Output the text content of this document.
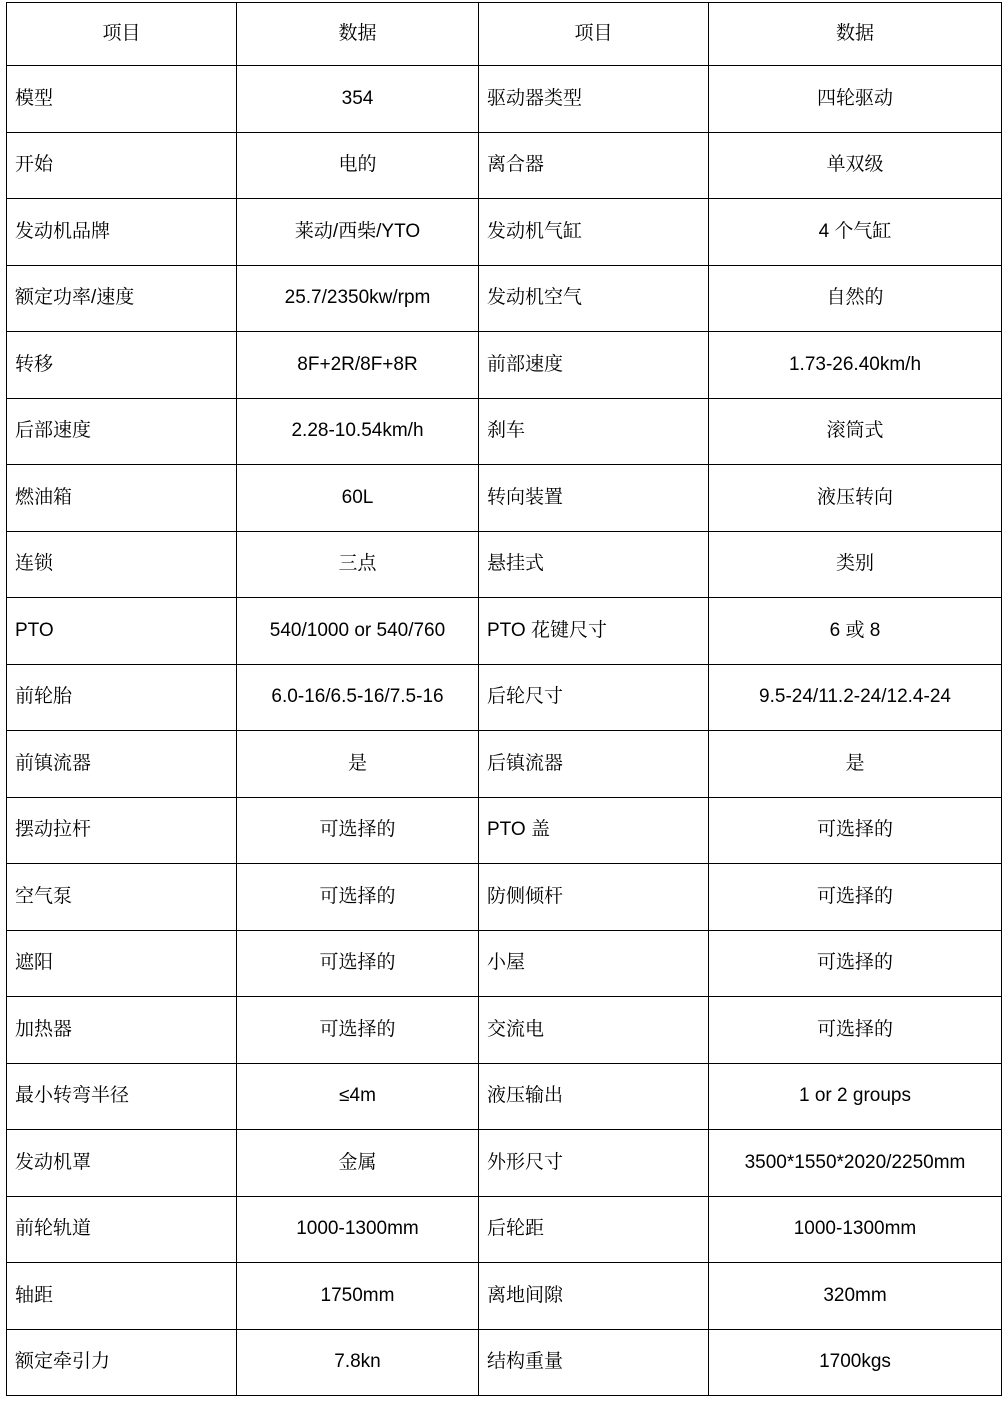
项目	数据	项目	数据
模型	354	驱动器类型	四轮驱动
开始	电的	离合器	单双级
发动机品牌	莱动/西柴/YTO	发动机气缸	4 个气缸
额定功率/速度	25.7/2350kw/rpm	发动机空气	自然的
转移	8F+2R/8F+8R	前部速度	1.73-26.40km/h
后部速度	2.28-10.54km/h	刹车	滚筒式
燃油箱	60L	转向装置	液压转向
连锁	三点	悬挂式	类别
PTO	540/1000 or 540/760	PTO 花键尺寸	6 或 8
前轮胎	6.0-16/6.5-16/7.5-16	后轮尺寸	9.5-24/11.2-24/12.4-24
前镇流器	是	后镇流器	是
摆动拉杆	可选择的	PTO 盖	可选择的
空气泵	可选择的	防侧倾杆	可选择的
遮阳	可选择的	小屋	可选择的
加热器	可选择的	交流电	可选择的
最小转弯半径	≤4m	液压输出	1 or 2 groups
发动机罩	金属	外形尺寸	3500*1550*2020/2250mm
前轮轨道	1000-1300mm	后轮距	1000-1300mm
轴距	1750mm	离地间隙	320mm
额定牵引力	7.8kn	结构重量	1700kgs
